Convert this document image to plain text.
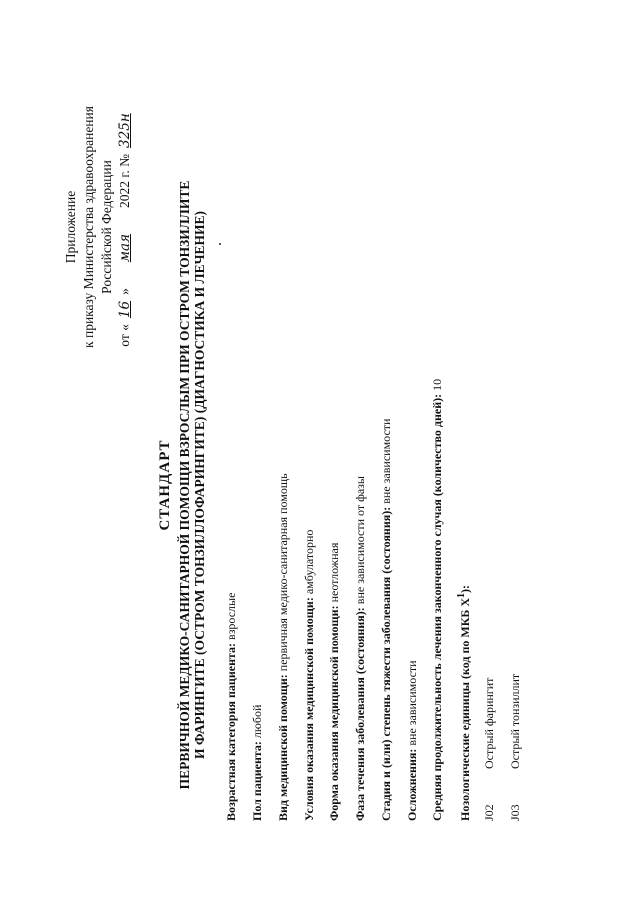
Приложение к приказу Министерства здравоохранения Российской Федерации
от «16»мая2022 г. №325н
СТАНДАРТ ПЕРВИЧНОЙ МЕДИКО-САНИТАРНОЙ ПОМОЩИ ВЗРОСЛЫМ ПРИ ОСТРОМ ТОНЗИЛЛИТЕ И ФАРИНГИТЕ (ОСТРОМ ТОНЗИЛЛОФАРИНГИТЕ) (ДИАГНОСТИКА И ЛЕЧЕНИЕ) Возрастная категория пациента: взрослые
Пол пациента: любой Вид медицинской помощи: первичная медико-санитарная помощь
Условия оказания медицинской помощи: амбулаторно
Форма оказания медицинской помощи: неотложная
Фаза течения заболевания (состояния): вне зависимости от фазы Стадия и (или) степень тяжести заболевания (состояния): вне зависимости
Осложнения: вне зависимости Средняя продолжительность лечения законченного случая (количество дней): 10
Нозологические единицы (код по МКБ $X^1$):
J02Острый фарингит
J03Острый тонзиллит
